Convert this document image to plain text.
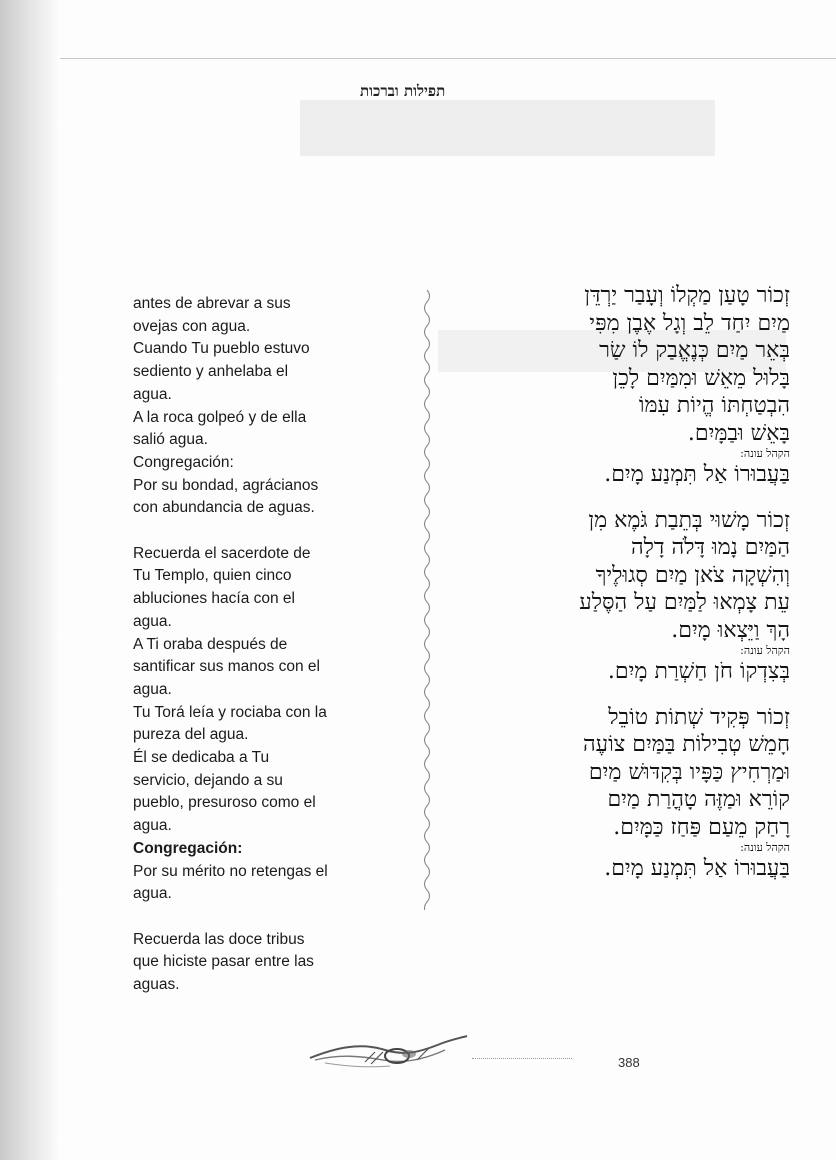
תפילות וברכות

antes de abrevar a sus

ovejas con agua.

Cuando Tu pueblo estuvo

sediento y anhelaba el

agua.

A la roca golpeó y de ella

salió agua.

Congregación:

Por su bondad, agrácianos

con abundancia de aguas.

Recuerda el sacerdote de

Tu Templo, quien cinco

abluciones hacía con el

agua.

A Ti oraba después de

santificar sus manos con el

agua.

Tu Torá leía y rociaba con la

pureza del agua.

Él se dedicaba a Tu

servicio, dejando a su

pueblo, presuroso como el

agua.

Congregación:

Por su mérito no retengas el

agua.

Recuerda las doce tribus

que hiciste pasar entre las

aguas.

זְכוֹר טָעַן מַקְלוֹ וְעָבַר יַרְדֵּן
מַיִם יִחַד לֵב וְגָל אֶבֶן מִפִּי
בְּאֵר מַיִם כְּנֶאֱבַק לוֹ שַׂר
בָּלוּל מֵאֵשׁ וּמִמַּיִם לָכֵן
הִבְטַחְתּוֹ הֱיוֹת עִמּוֹ
בָּאֵשׁ וּבַמָּיִם.
הקהל עונה:
בַּעֲבוּרוֹ אַל תִּמְנַע מָיִם.
זְכוֹר מָשׁוּי בְּתֵבַת גֹּמֶא מִן
הַמַּיִם נָמוּ דָּלֹה דָלָה
וְהִשְׁקָה צֹאן מַיִם סְגוּלֶיךָ
עֵת צָמְאוּ לַמַּיִם עַל הַסֶּלַע
הָךְ וַיֵּצְאוּ מָיִם.
הקהל עונה:
בְּצִדְקוֹ חֹן חַשְׁרַת מָיִם.
זְכוֹר פְּקִיד שְׁתוֹת טוֹבֵל
חָמֵשׁ טְבִילוֹת בַּמַּיִם צוֹעֶה
וּמַרְחִיץ כַּפָּיו בְּקִדּוּשׁ מַיִם
קוֹרֵא וּמַזֶּה טָהֳרַת מַיִם
רָחַק מֵעַם פַּחַז כַּמָּיִם.
הקהל עונה:
בַּעֲבוּרוֹ אַל תִּמְנַע מָיִם.
388
